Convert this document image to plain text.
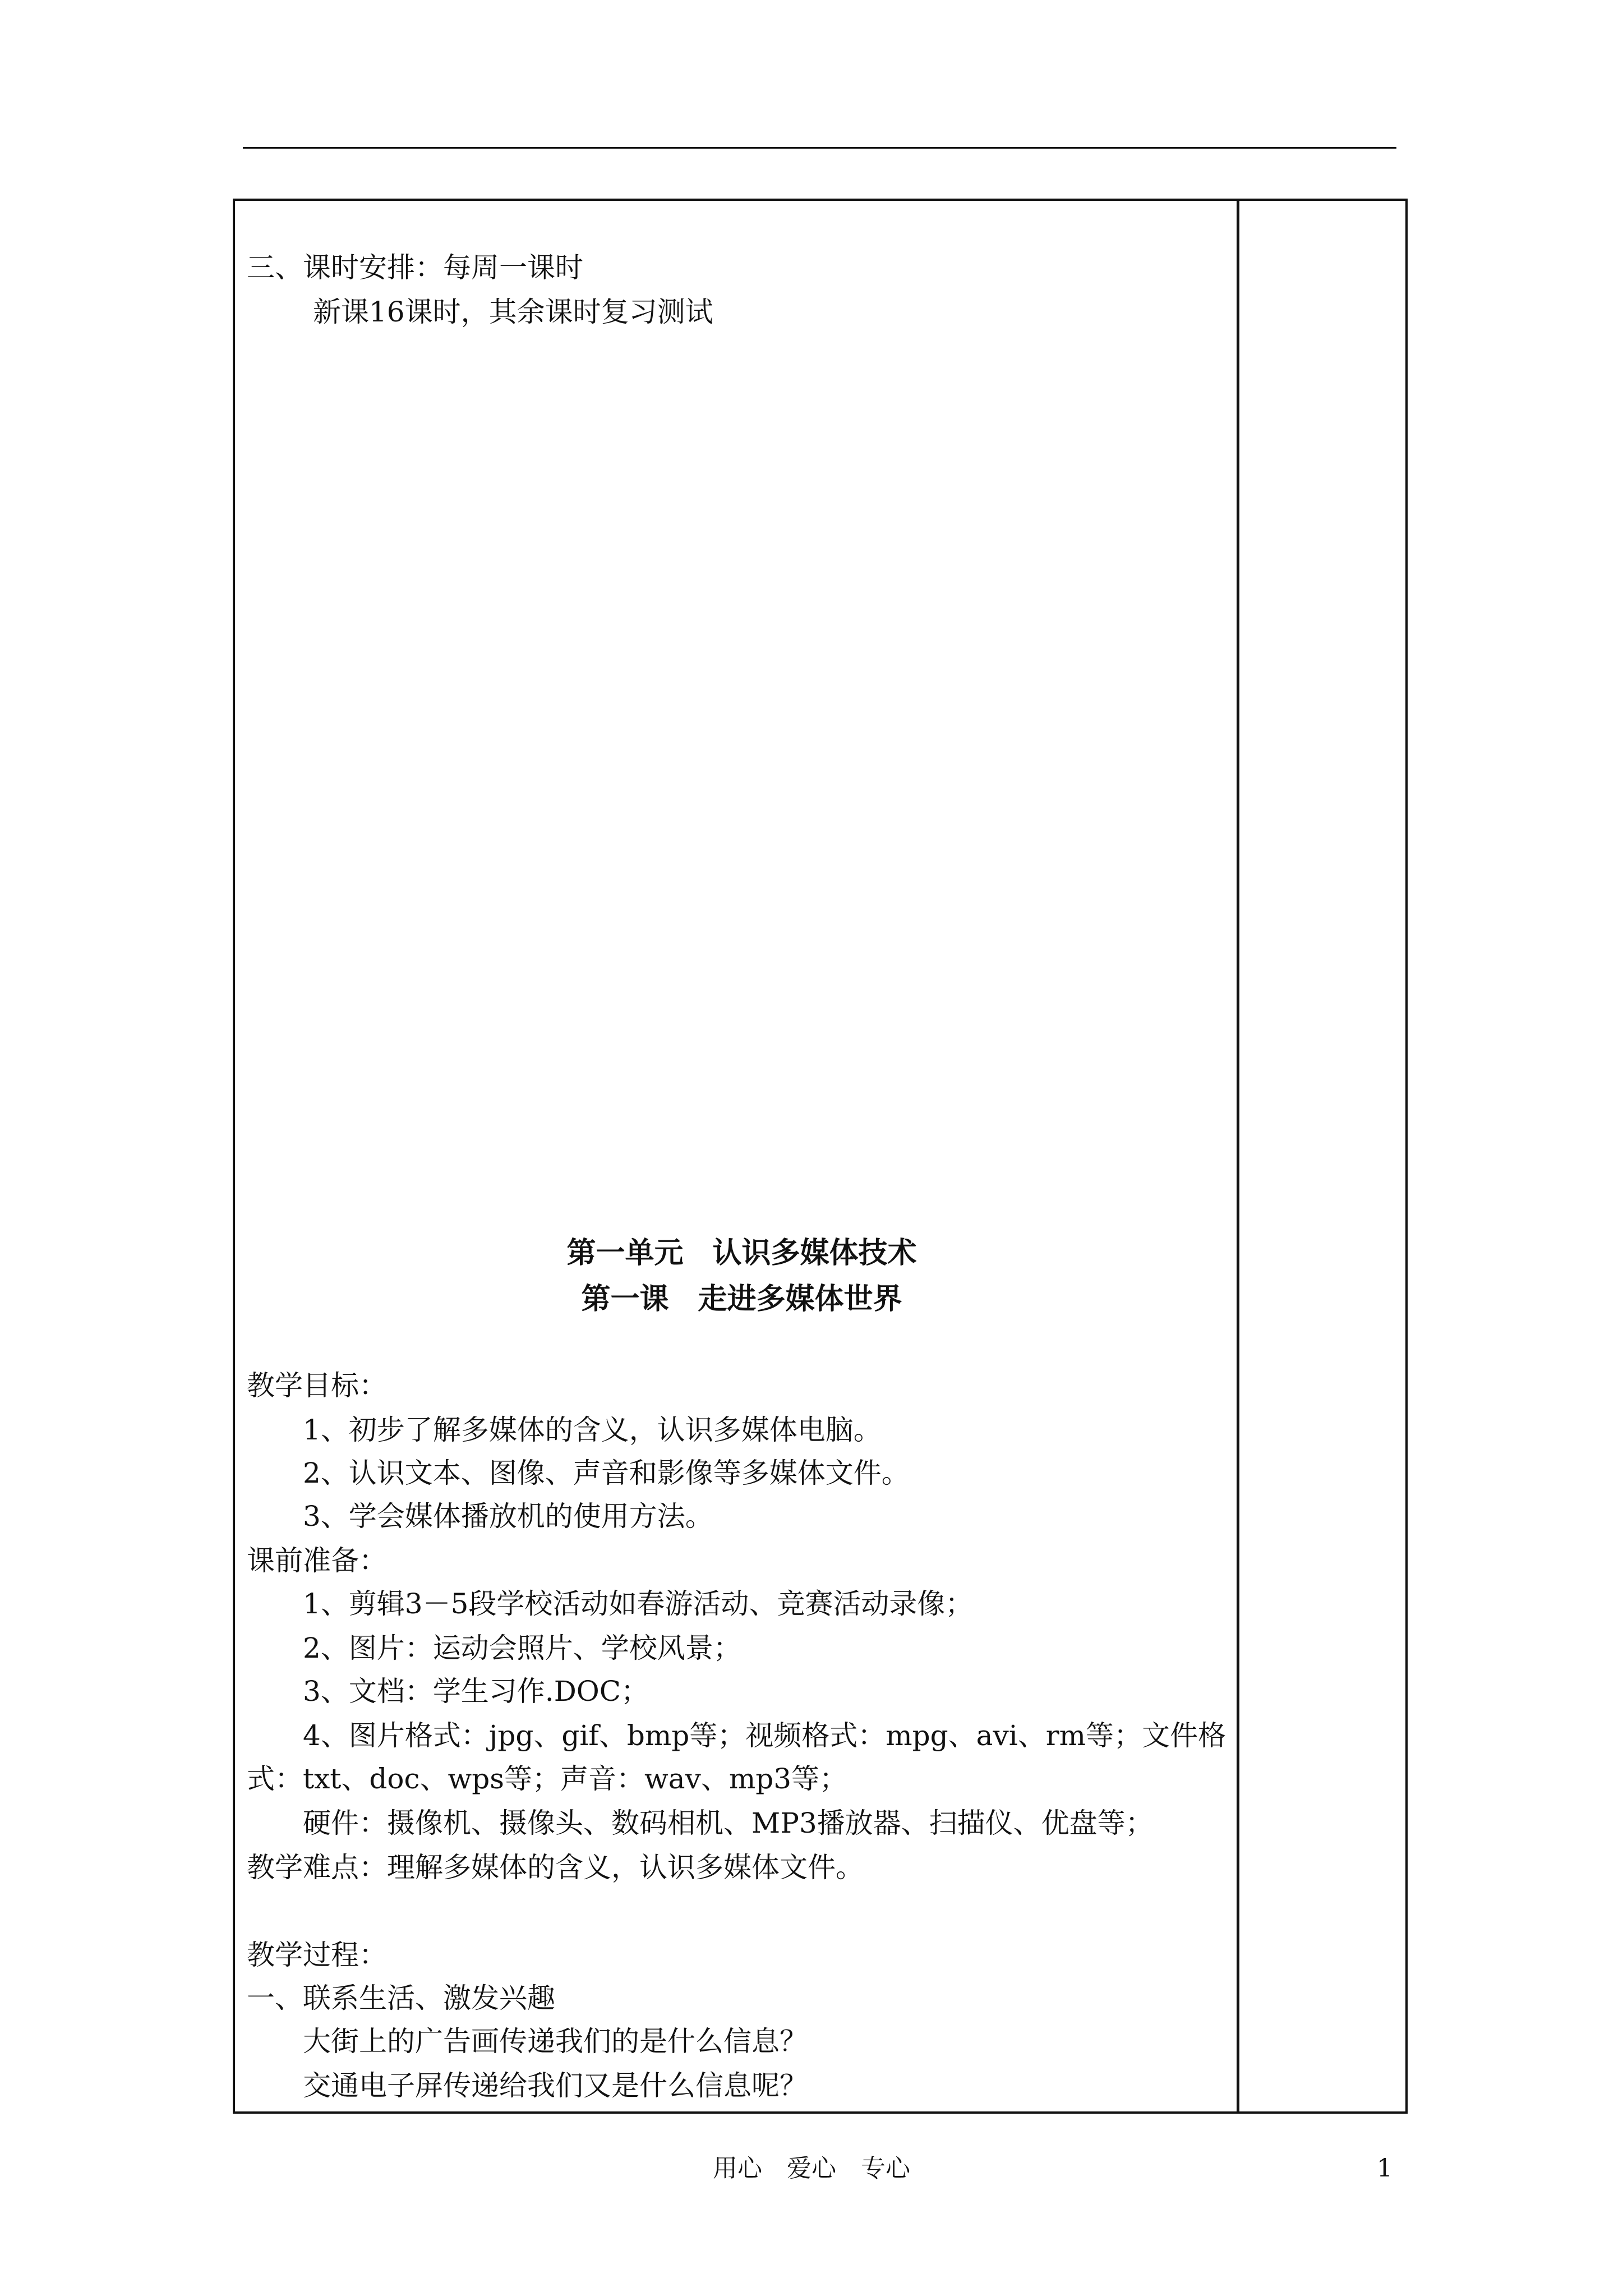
三、课时安排：每周一课时
新课16课时，其余课时复习测试
第一单元　认识多媒体技术
第一课　走进多媒体世界
教学目标：
1、初步了解多媒体的含义，认识多媒体电脑。
2、认识文本、图像、声音和影像等多媒体文件。
3、学会媒体播放机的使用方法。
课前准备：
1、剪辑3－5段学校活动如春游活动、竞赛活动录像；
2、图片：运动会照片、学校风景；
3、文档：学生习作.DOC；
4、图片格式：jpg、gif、bmp等；视频格式：mpg、avi、rm等；文件格
式：txt、doc、wps等；声音：wav、mp3等；
硬件：摄像机、摄像头、数码相机、MP3播放器、扫描仪、优盘等；
教学难点：理解多媒体的含义，认识多媒体文件。
教学过程：
一、联系生活、激发兴趣
大街上的广告画传递我们的是什么信息？
交通电子屏传递给我们又是什么信息呢？
用心　爱心　专心	1
